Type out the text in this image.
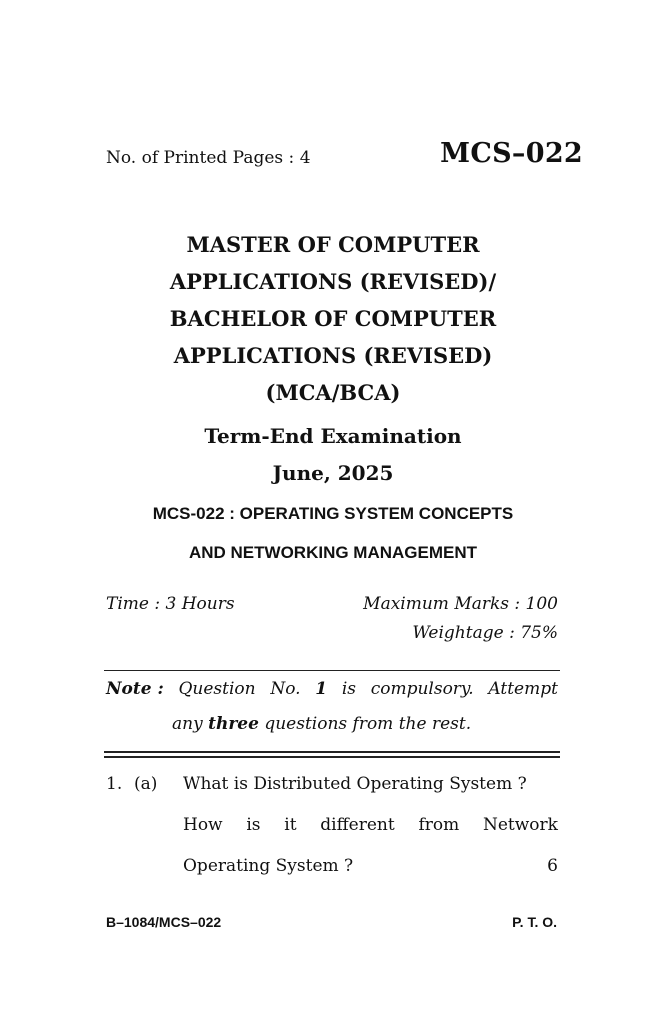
No. of Printed Pages : 4	MCS–022
MASTER OF COMPUTER
APPLICATIONS (REVISED)/
BACHELOR OF COMPUTER
APPLICATIONS (REVISED)
(MCA/BCA)
Term-End Examination
June, 2025
MCS-022 : OPERATING SYSTEM CONCEPTS
AND NETWORKING MANAGEMENT
Time : 3 Hours	Maximum Marks : 100
Weightage : 75%
Note : Question No. 1 is compulsory. Attempt
any three questions from the rest.
1. (a)	What is Distributed Operating System ?
How is it different from Network
Operating System ?	6
B–1084/MCS–022	P. T. O.
